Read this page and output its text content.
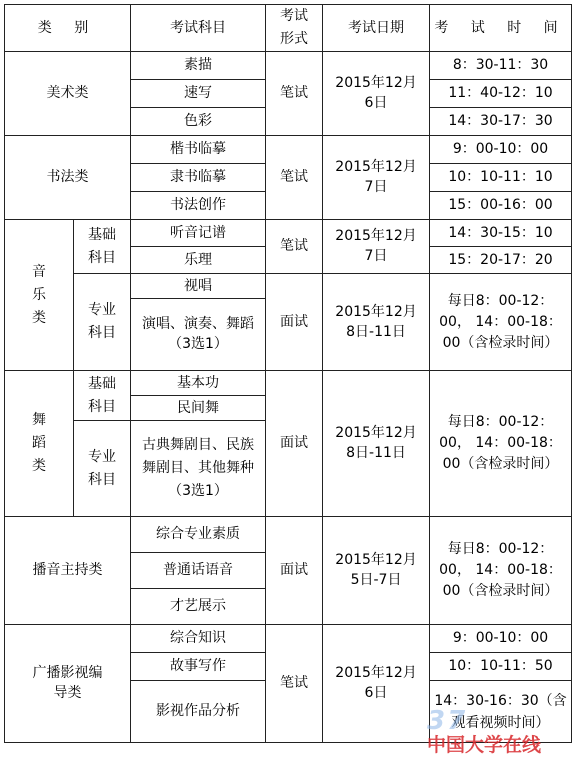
类 别		考试科目	考试形式	考试日期	考 试 时 间
美术类		素描	笔试	2015年12月6日	8：30-11：30
		速写			11：40-12：10
		色彩			14：30-17：30
书法类		楷书临摹	笔试	2015年12月7日	9：00-10：00
		隶书临摹			10：10-11：10
		书法创作			15：00-16：00
音乐类	基础科目	听音记谱	笔试	2015年12月7日	14：30-15：10
		乐理			15：20-17：20
	专业科目	视唱	面试	2015年12月8日-11日	每日8：00-12：00， 14：00-18：00（含检录时间）
		演唱、演奏、舞蹈（3选1）			
舞蹈类	基础科目	基本功	面试	2015年12月8日-11日	每日8：00-12：00， 14：00-18：00（含检录时间）
		民间舞			
	专业科目	古典舞剧目、民族舞剧目、其他舞种（3选1）			
播音主持类		综合专业素质	面试	2015年12月5日-7日	每日8：00-12：00， 14：00-18：00（含检录时间）
		普通话语音			
		才艺展示			
广播影视编导类		综合知识	笔试	2015年12月6日	9：00-10：00
		故事写作			10：10-11：50
		影视作品分析			14：30-16：30（含观看视频时间）
37
中国大学在线
